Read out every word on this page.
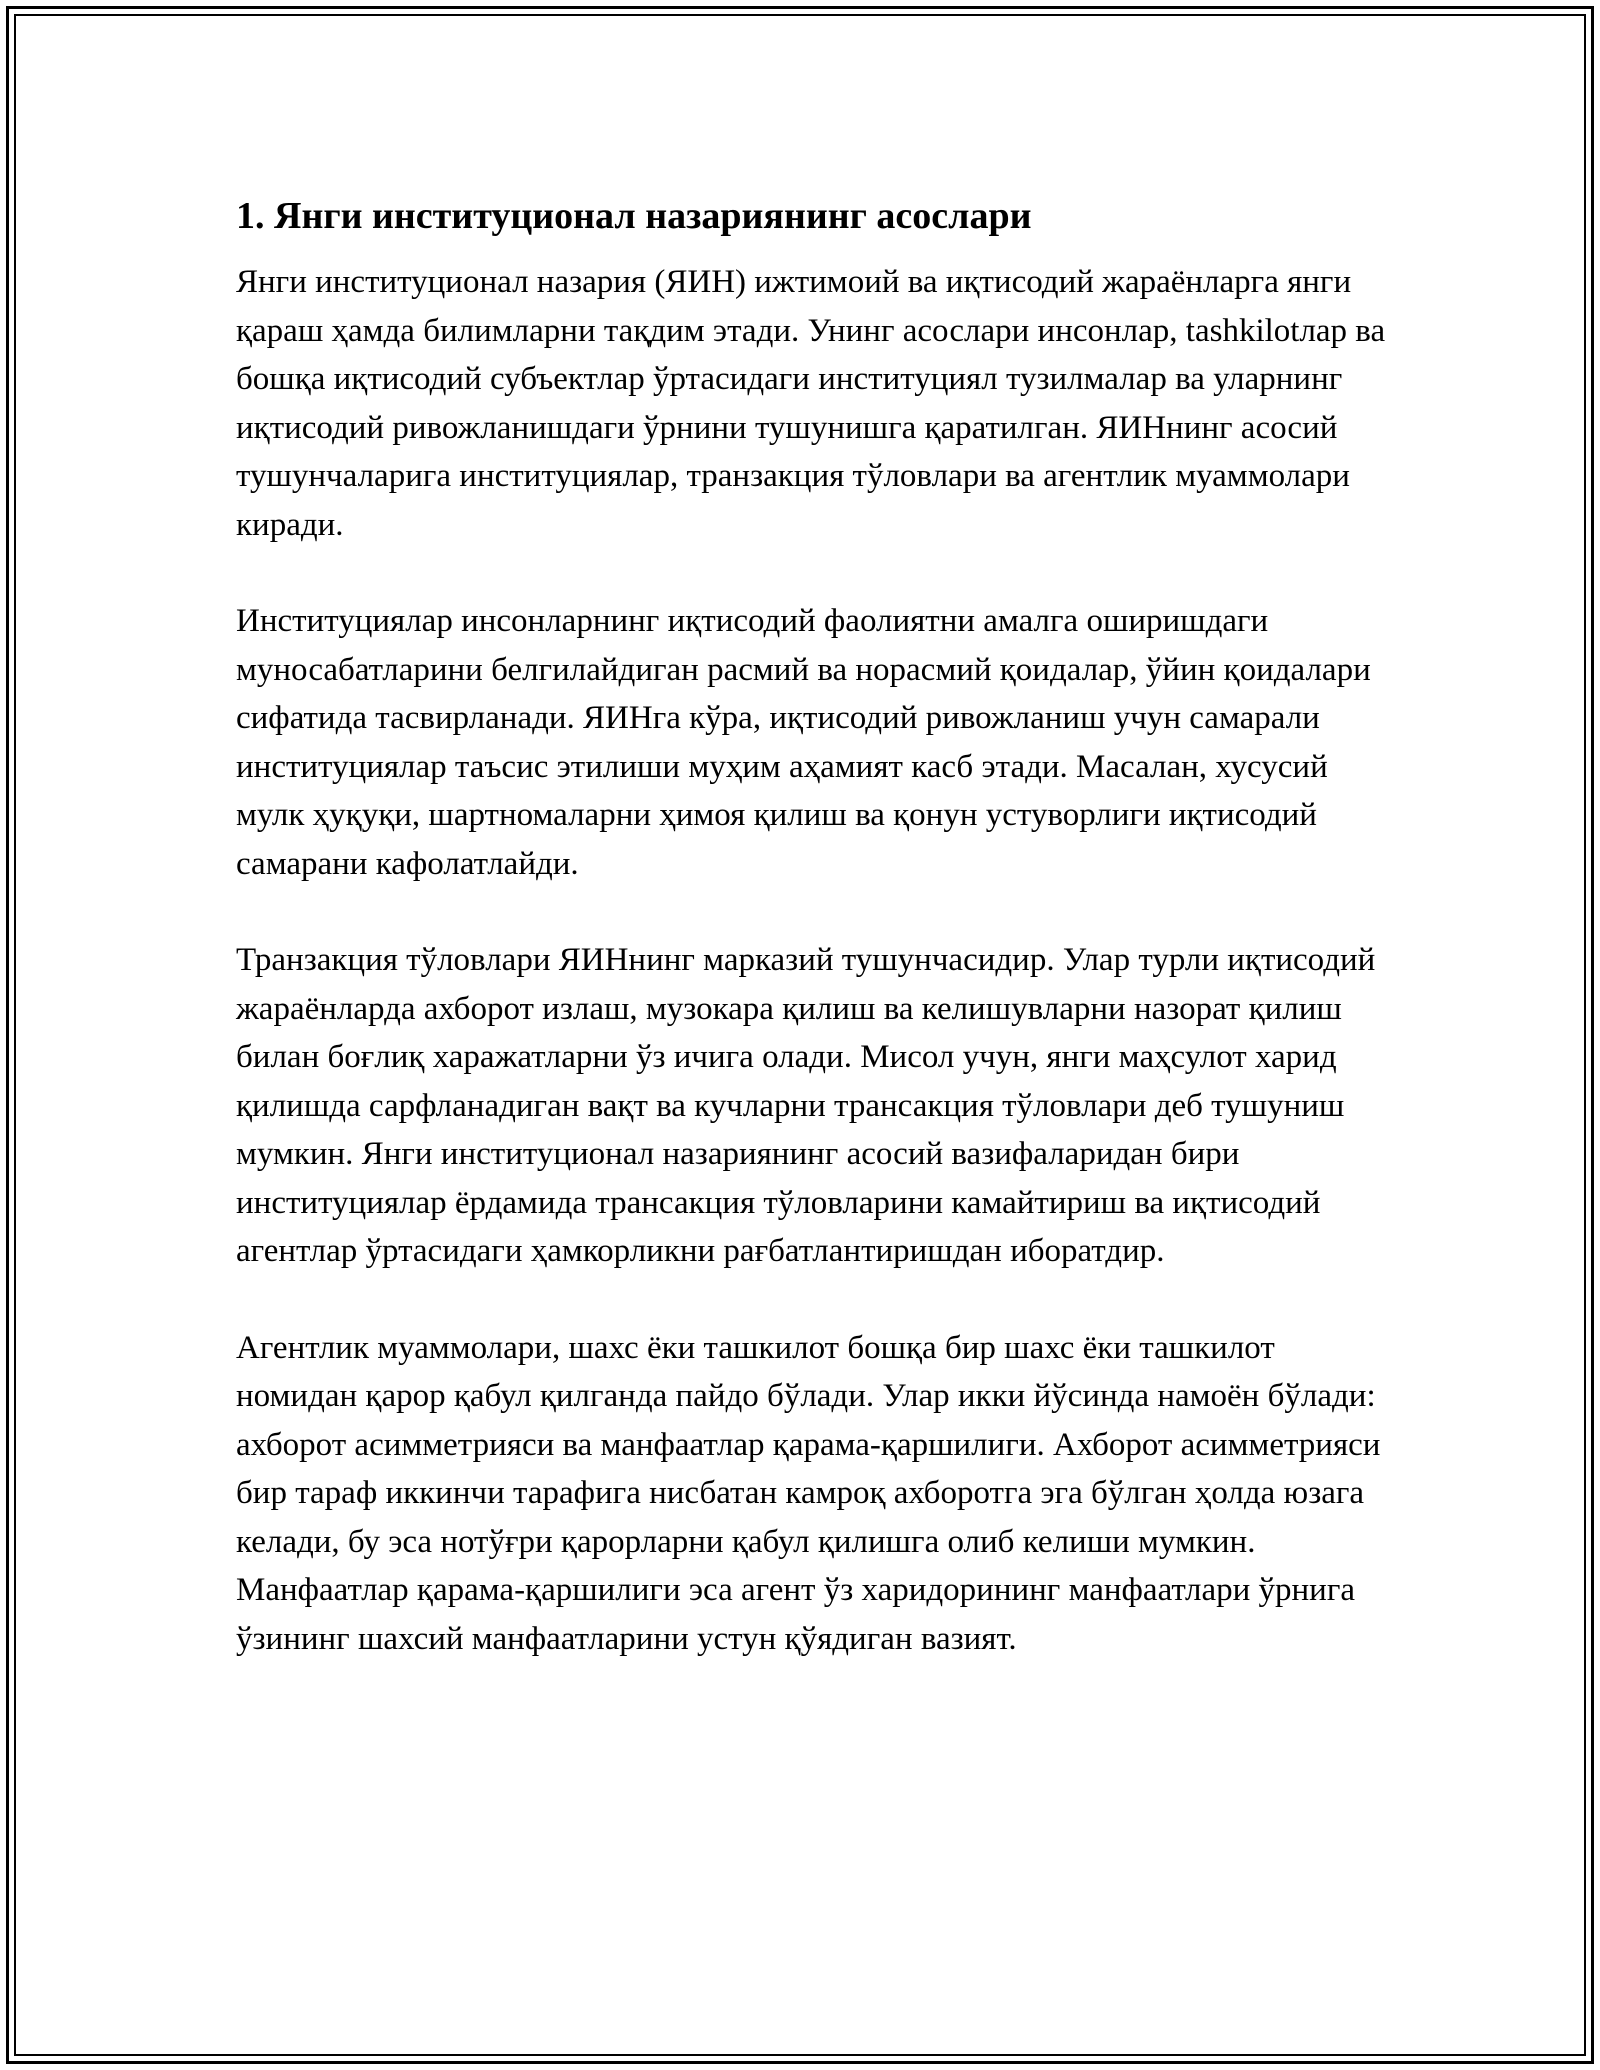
1. Янги институционал назариянинг асослари

Янги институционал назария (ЯИН) ижтимоий ва иқтисодий жараёнларга янги қараш ҳамда билимларни тақдим этади. Унинг асослари инсонлар, tashkilotлар ва бошқа иқтисодий субъектлар ўртасидаги институциял тузилмалар ва уларнинг иқтисодий ривожланишдаги ўрнини тушунишга қаратилган. ЯИНнинг асосий тушунчаларига институциялар, транзакция тўловлари ва агентлик муаммолари киради.

Институциялар инсонларнинг иқтисодий фаолиятни амалга оширишдаги муносабатларини белгилайдиган расмий ва норасмий қоидалар, ўйин қоидалари сифатида тасвирланади. ЯИНга кўра, иқтисодий ривожланиш учун самарали институциялар таъсис этилиши муҳим аҳамият касб этади. Масалан, хусусий мулк ҳуқуқи, шартномаларни ҳимоя қилиш ва қонун устуворлиги иқтисодий самарани кафолатлайди.

Транзакция тўловлари ЯИНнинг марказий тушунчасидир. Улар турли иқтисодий жараёнларда ахборот излаш, музокара қилиш ва келишувларни назорат қилиш билан боғлиқ харажатларни ўз ичига олади. Мисол учун, янги маҳсулот харид қилишда сарфланадиган вақт ва кучларни трансакция тўловлари деб тушуниш мумкин. Янги институционал назариянинг асосий вазифаларидан бири институциялар ёрдамида трансакция тўловларини камайтириш ва иқтисодий агентлар ўртасидаги ҳамкорликни рағбатлантиришдан иборатдир.

Агентлик муаммолари, шахс ёки ташкилот бошқа бир шахс ёки ташкилот номидан қарор қабул қилганда пайдо бўлади. Улар икки йўсинда намоён бўлади: ахборот асимметрияси ва манфаатлар қарама-қаршилиги. Ахборот асимметрияси бир тараф иккинчи тарафига нисбатан камроқ ахборотга эга бўлган ҳолда юзага келади, бу эса нотўғри қарорларни қабул қилишга олиб келиши мумкин. Манфаатлар қарама-қаршилиги эса агент ўз харидорининг манфаатлари ўрнига ўзининг шахсий манфаатларини устун қўядиган вазият.
